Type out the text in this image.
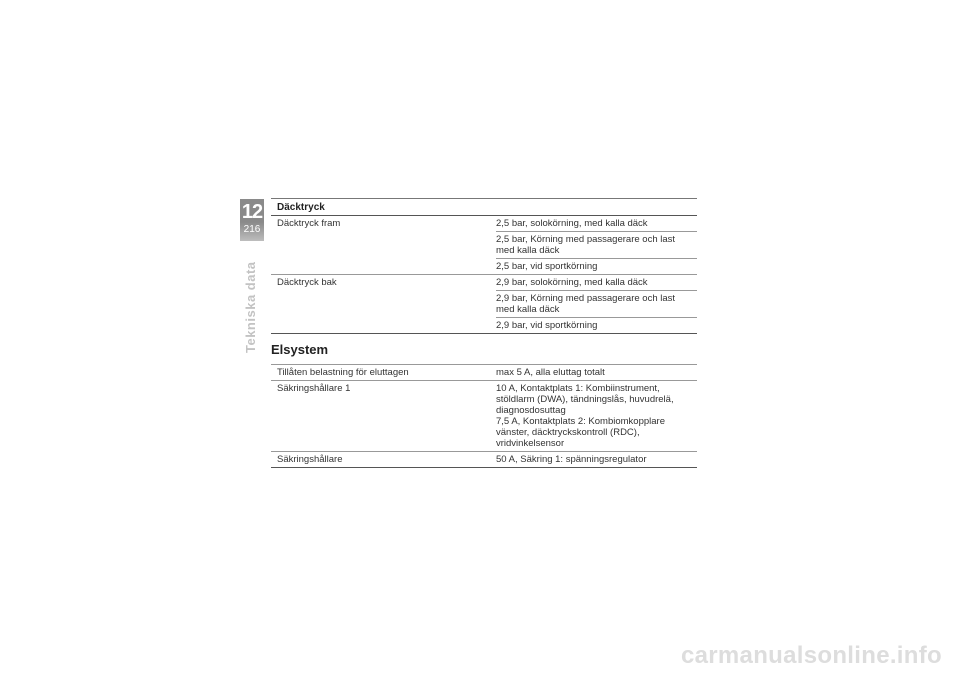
12
216
Tekniska data
Däcktryck
Däcktryck fram	2,5 bar, solokörning, med kalla däck
2,5 bar, Körning med passagerare och last med kalla däck
2,5 bar, vid sportkörning
Däcktryck bak	2,9 bar, solokörning, med kalla däck
2,9 bar, Körning med passagerare och last med kalla däck
2,9 bar, vid sportkörning
Elsystem
Tillåten belastning för eluttagen	max 5 A, alla eluttag totalt
Säkringshållare 1	10 A, Kontaktplats 1: Kombiinstrument, stöldlarm (DWA), tändningslås, huvudrelä, diagnosdosuttag
7,5 A, Kontaktplats 2: Kombiomkopplare vänster, däcktryckskontroll (RDC), vridvinkelsensor
Säkringshållare	50 A, Säkring 1: spänningsregulator
carmanualsonline.info
